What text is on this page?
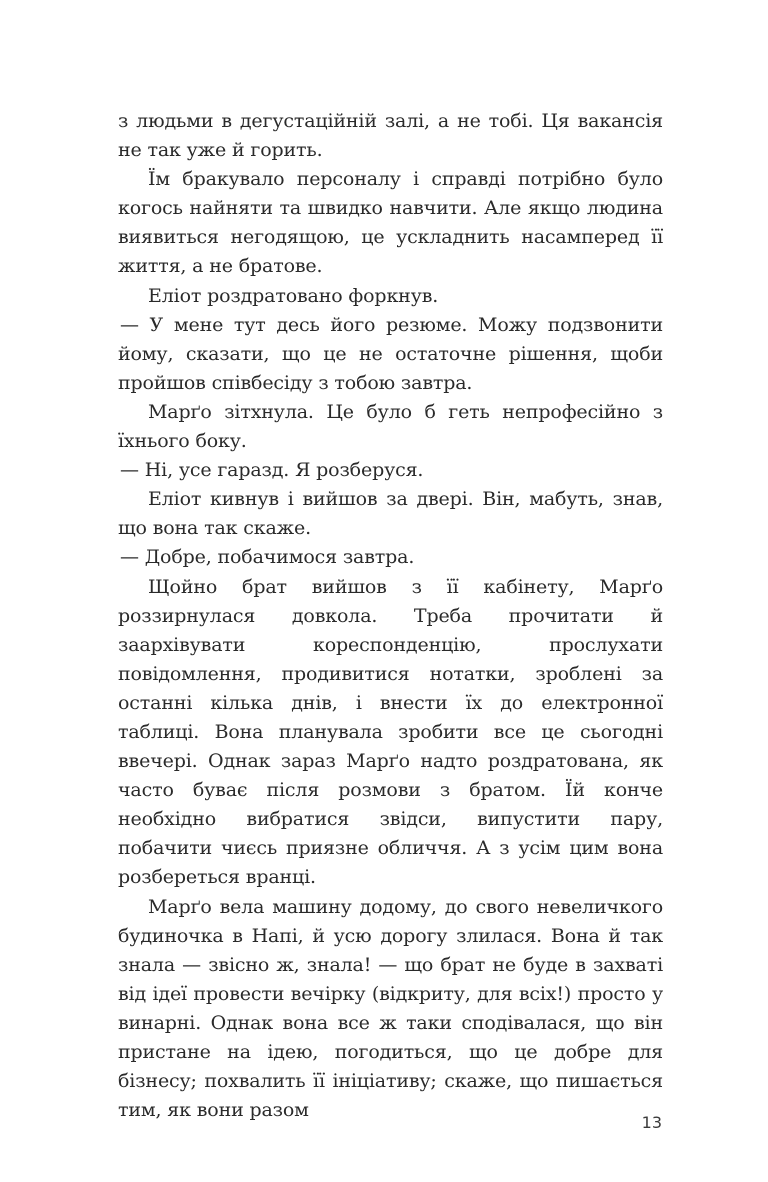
з людьми в дегустаційній залі, а не тобі. Ця вакансія не так уже й горить.

Їм бракувало персоналу і справді потрібно було когось найняти та швидко навчити. Але якщо людина виявиться негодящою, це ускладнить насамперед її життя, а не братове.

Еліот роздратовано форкнув.

— У мене тут десь його резюме. Можу подзвонити йому, сказати, що це не остаточне рішення, щоби пройшов співбесіду з тобою завтра.

Марґо зітхнула. Це було б геть непрофесійно з їхнього боку.

— Ні, усе гаразд. Я розберуся.

Еліот кивнув і вийшов за двері. Він, мабуть, знав, що вона так скаже.

— Добре, побачимося завтра.

Щойно брат вийшов з її кабінету, Марґо роззирнулася довкола. Треба прочитати й заархівувати кореспонденцію, прослухати повідомлення, продивитися нотатки, зроблені за останні кілька днів, і внести їх до електронної таблиці. Вона планувала зробити все це сьогодні ввечері. Однак зараз Марґо надто роздратована, як часто буває після розмови з братом. Їй конче необхідно вибратися звідси, випустити пару, побачити чиєсь приязне обличчя. А з усім цим вона розбереться вранці.

Марґо вела машину додому, до свого невеличкого будиночка в Напі, й усю дорогу злилася. Вона й так знала — звісно ж, знала! — що брат не буде в захваті від ідеї провести вечірку (відкриту, для всіх!) просто у винарні. Однак вона все ж таки сподівалася, що він пристане на ідею, погодиться, що це добре для бізнесу; похвалить її ініціативу; скаже, що пишається тим, як вони разом

13
